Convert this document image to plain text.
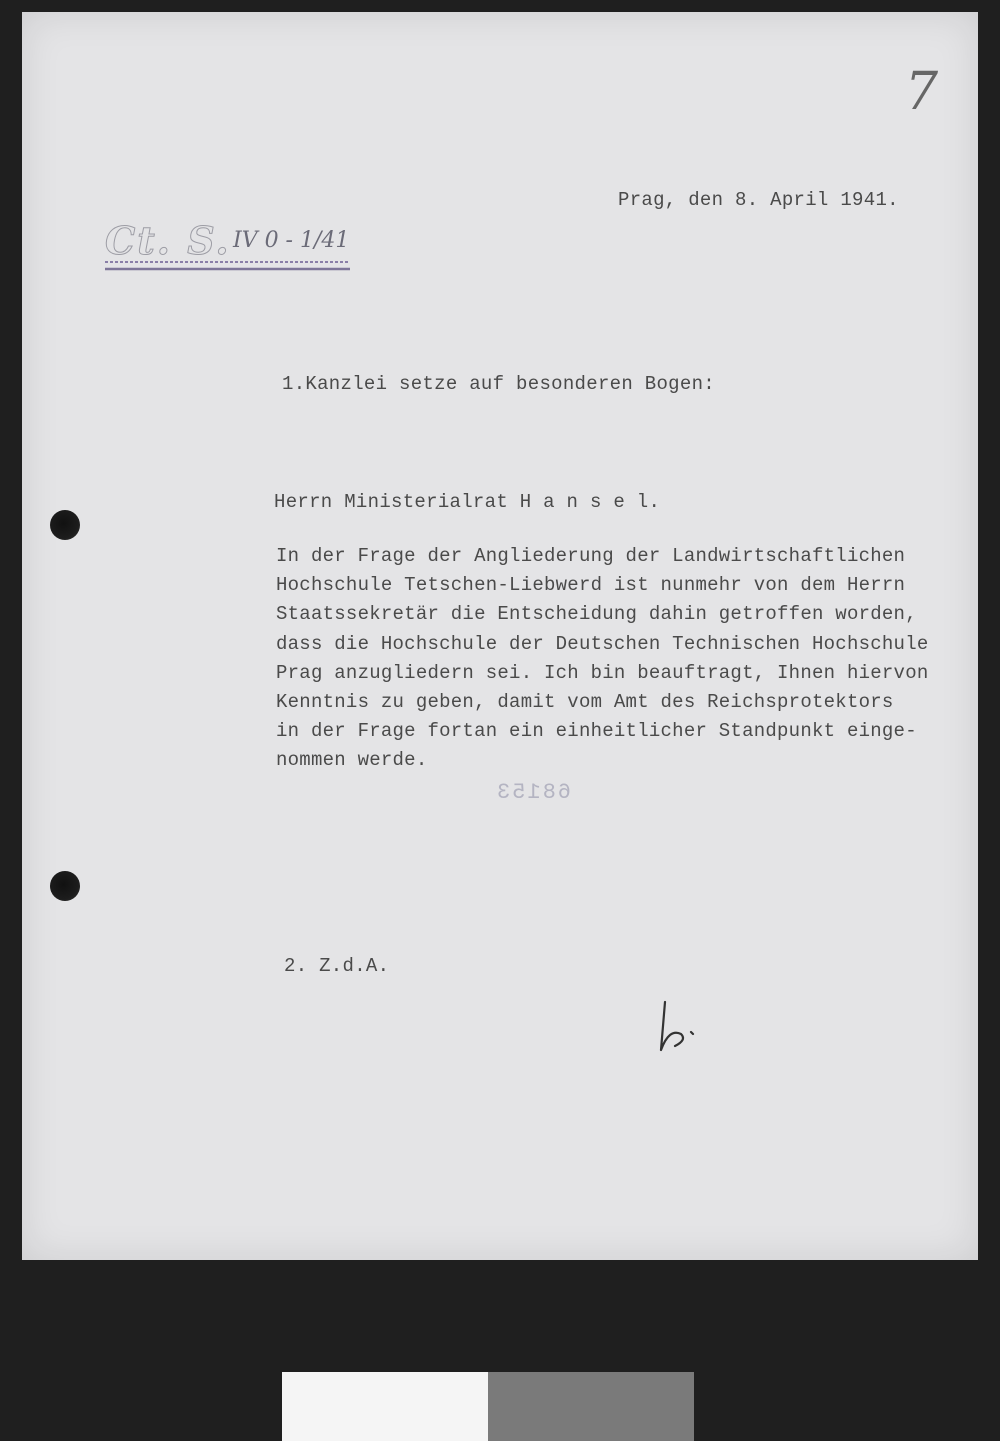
7
Prag, den 8. April 1941.
Ct. S. IV 0 - 1/41
1.Kanzlei setze auf besonderen Bogen:
Herrn Ministerialrat H a n s e l.
In der Frage der Angliederung der Landwirtschaftlichen
Hochschule Tetschen-Liebwerd ist nunmehr von dem Herrn
Staatssekretär die Entscheidung dahin getroffen worden,
dass die Hochschule der Deutschen Technischen Hochschule
Prag anzugliedern sei. Ich bin beauftragt, Ihnen hiervon
Kenntnis zu geben, damit vom Amt des Reichsprotektors
in der Frage fortan ein einheitlicher Standpunkt einge-
nommen werde.
68153
2. Z.d.A.
